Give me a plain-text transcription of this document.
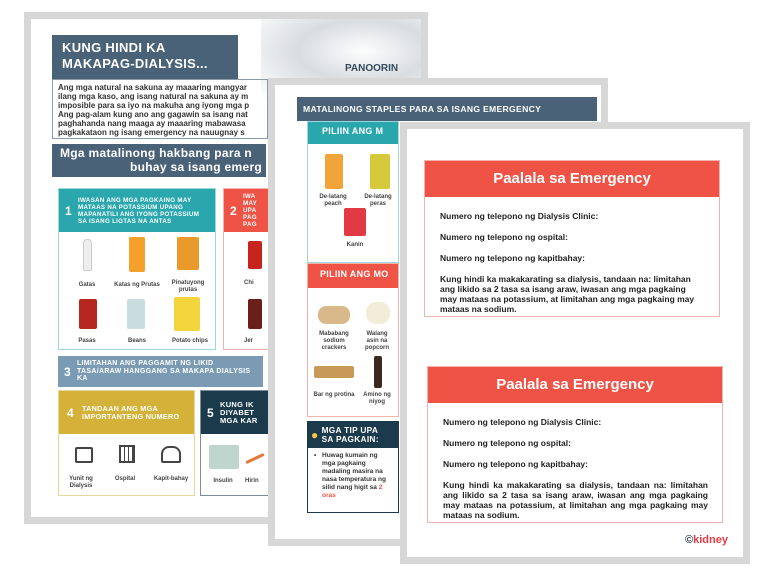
PANOORIN
KUNG HINDI KA MAKAPAG-DIALYSIS...
Ang mga natural na sakuna ay maaaring mangyar
ilang mga kaso, ang isang natural na sakuna ay m
imposible para sa iyo na makuha ang iyong mga p
Ang pag-alam kung ano ang gagawin sa isang nat
paghahanda nang maaga ay maaaring mabawasa
pagkakataon ng isang emergency na nauugnay s
Mga matalinong hakbang para n
buhay sa isang emerg
1
IWASAN ANG MGA PAGKAING MAY MATAAS NA POTASSIUM UPANG MAPANATILI ANG IYONG POTASSIUM SA ISANG LIGTAS NA ANTAS
Gatas	Katas ng Prutas	Pinatuyong prutas
Pasas	Beans	Potato chips
2
IWA MAY UPA PAG PAG
Chi
Jer
3
LIMITAHAN ANG PAGGAMIT NG LIKID TASA/ARAW HANGGANG SA MAKAPA DIALYSIS KA
4 TANDAAN ANG MGA IMPORTANTENG NUMERO
Yunit ng Dialysis
Ospital	Kapit-bahay
5
KUNG IK DIYABET MGA KAR
Insulin	Hirin
MATALINONG STAPLES PARA SA ISANG EMERGENCY
PILIIN ANG M
De-latang peach
De-latang peras
Kanin
PILIIN ANG MO
Mababang sodium crackers
Walang asin na popcorn
Bar ng protina	Amino ng niyog
● MGA TIP UPA SA PAGKAIN:
• Huwag kumain ng mga pagkaing madaling masira na nasa temperatura ng silid nang higit sa 2 oras
Paalala sa Emergency
Numero ng telepono ng Dialysis Clinic:
Numero ng telepono ng ospital:
Numero ng telepono ng kapitbahay:
Kung hindi ka makakarating sa dialysis, tandaan na: limitahan ang likido sa 2 tasa sa isang araw, iwasan ang mga pagkaing may mataas na potassium, at limitahan ang mga pagkaing may mataas na sodium.
Paalala sa Emergency
Numero ng telepono ng Dialysis Clinic:
Numero ng telepono ng ospital:
Numero ng telepono ng kapitbahay:
Kung hindi ka makakarating sa dialysis, tandaan na: limitahan ang likido sa 2 tasa sa isang araw, iwasan ang mga pagkaing may mataas na potassium, at limitahan ang mga pagkaing may mataas na sodium.
©kidney
